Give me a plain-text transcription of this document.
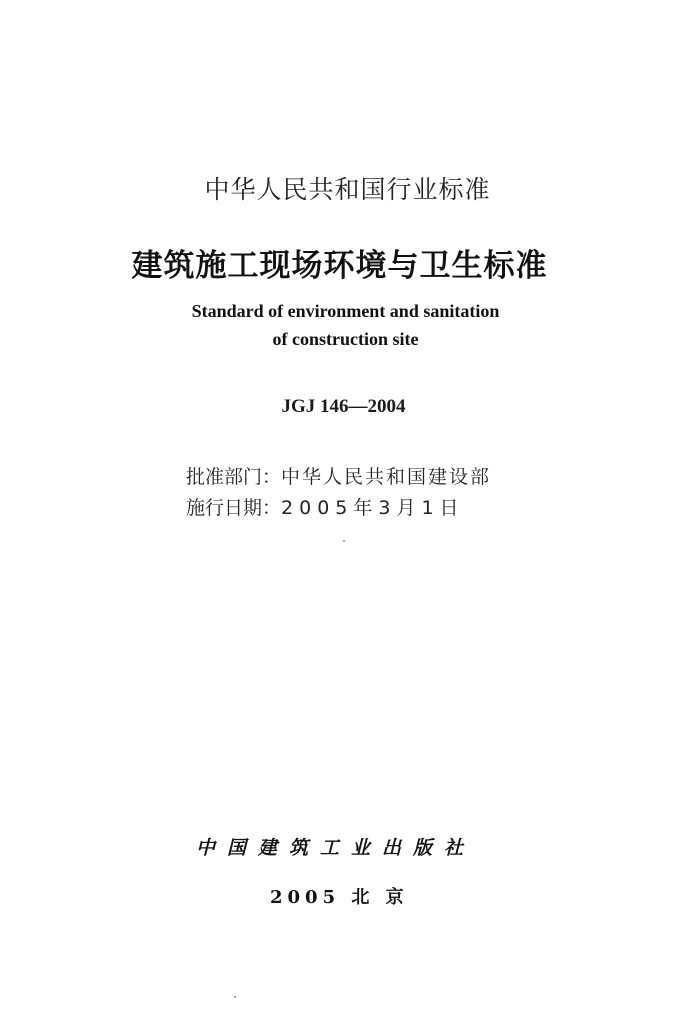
中华人民共和国行业标准
建筑施工现场环境与卫生标准
Standard of environment and sanitation
of construction site
JGJ 146—2004
批准部门：中华人民共和国建设部
施行日期：2005年3月1日
中国建筑工业出版社
2005 北 京
